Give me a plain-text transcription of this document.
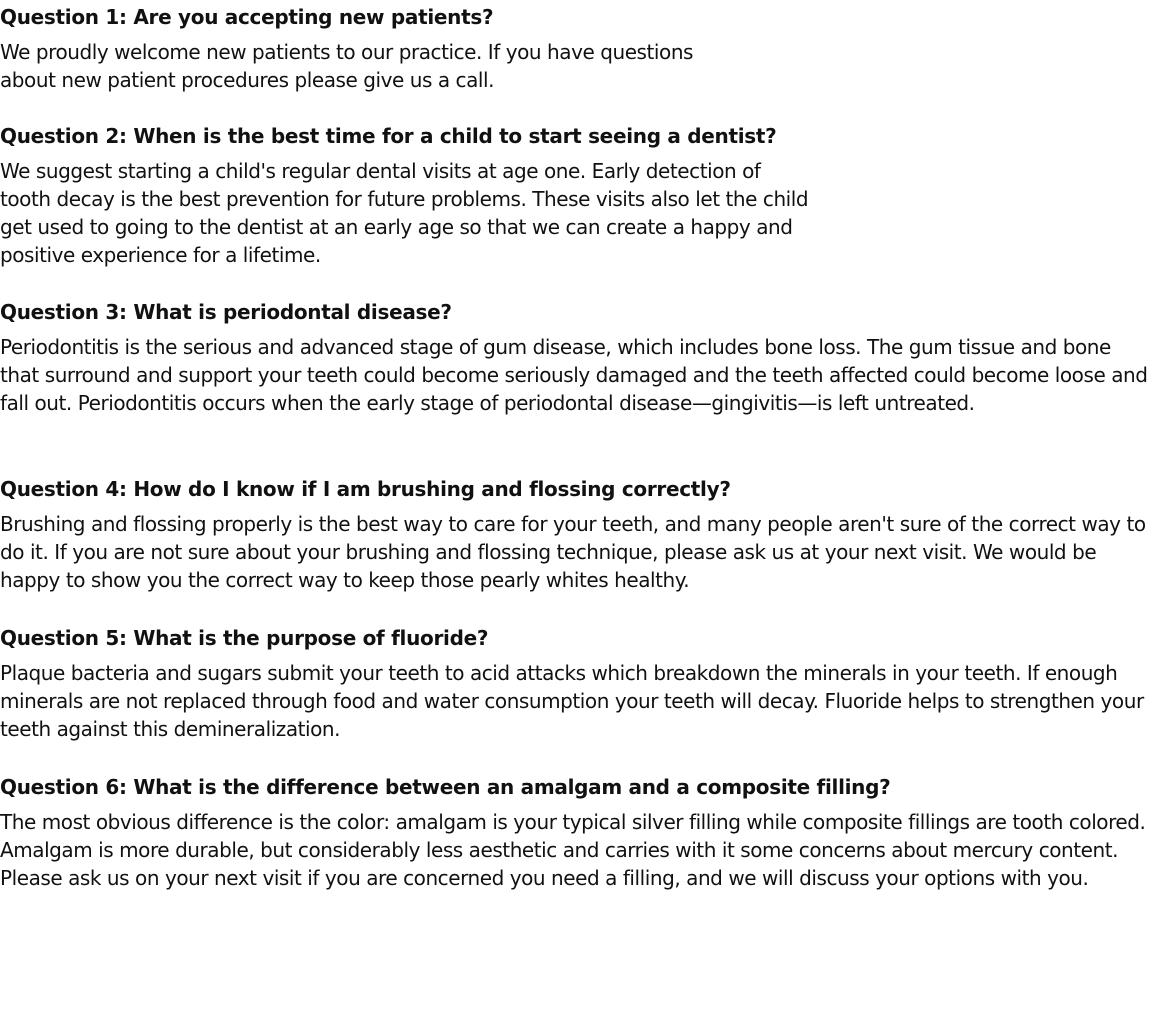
Question 1: Are you accepting new patients?

We proudly welcome new patients to our practice. If you have questions about new patient procedures please give us a call.

Question 2: When is the best time for a child to start seeing a dentist?

We suggest starting a child's regular dental visits at age one. Early detection of tooth decay is the best prevention for future problems. These visits also let the child get used to going to the dentist at an early age so that we can create a happy and positive experience for a lifetime.

Question 3: What is periodontal disease?

Periodontitis is the serious and advanced stage of gum disease, which includes bone loss. The gum tissue and bone that surround and support your teeth could become seriously damaged and the teeth affected could become loose and fall out. Periodontitis occurs when the early stage of periodontal disease—gingivitis—is left untreated.

Question 4: How do I know if I am brushing and flossing correctly?

Brushing and flossing properly is the best way to care for your teeth, and many people aren't sure of the correct way to do it. If you are not sure about your brushing and flossing technique, please ask us at your next visit. We would be happy to show you the correct way to keep those pearly whites healthy.

Question 5: What is the purpose of fluoride?

Plaque bacteria and sugars submit your teeth to acid attacks which breakdown the minerals in your teeth. If enough minerals are not replaced through food and water consumption your teeth will decay. Fluoride helps to strengthen your teeth against this demineralization.

Question 6: What is the difference between an amalgam and a composite filling?

The most obvious difference is the color: amalgam is your typical silver filling while composite fillings are tooth colored. Amalgam is more durable, but considerably less aesthetic and carries with it some concerns about mercury content. Please ask us on your next visit if you are concerned you need a filling, and we will discuss your options with you.
